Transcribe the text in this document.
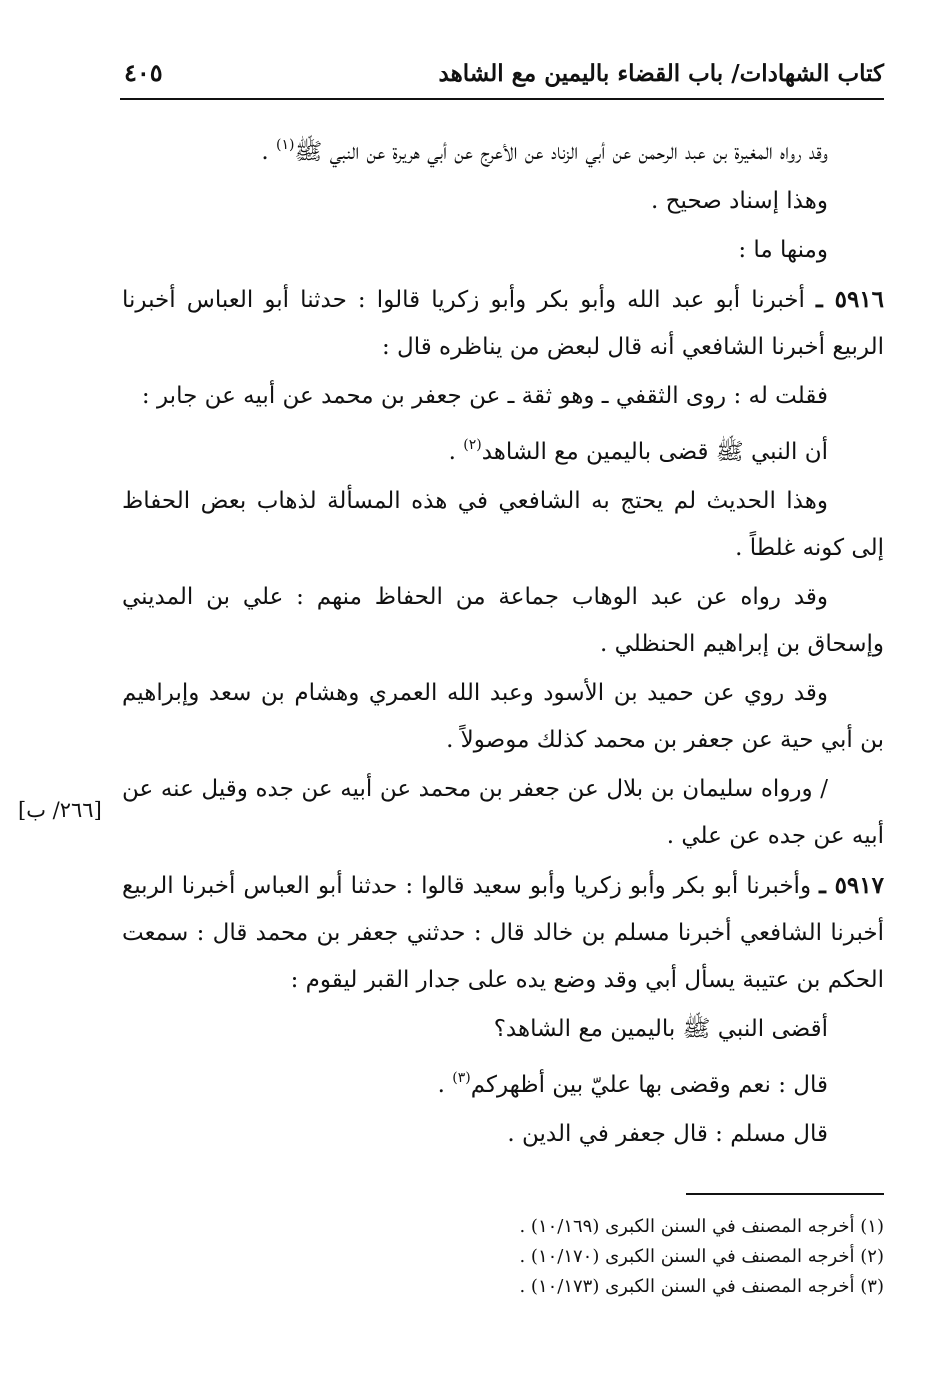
كتاب الشهادات/ باب القضاء باليمين مع الشاهد
٤٠٥
وقد رواه المغيرة بن عبد الرحمن عن أبي الزناد عن الأعرج عن أبي هريرة عن النبي ﷺ$^{(١)}$ .
وهذا إسناد صحيح .
ومنها ما :
٥٩١٦ ـ أخبرنا أبو عبد الله وأبو بكر وأبو زكريا قالوا : حدثنا أبو العباس أخبرنا الربيع أخبرنا الشافعي أنه قال لبعض من يناظره قال :
فقلت له : روى الثقفي ـ وهو ثقة ـ عن جعفر بن محمد عن أبيه عن جابر :
أن النبي ﷺ قضى باليمين مع الشاهد$^{(٢)}$ .
وهذا الحديث لم يحتج به الشافعي في هذه المسألة لذهاب بعض الحفاظ إلى كونه غلطاً .
وقد رواه عن عبد الوهاب جماعة من الحفاظ منهم : علي بن المديني وإسحاق بن إبراهيم الحنظلي .
وقد روي عن حميد بن الأسود وعبد الله العمري وهشام بن سعد وإبراهيم بن أبي حية عن جعفر بن محمد كذلك موصولاً .
/ ورواه سليمان بن بلال عن جعفر بن محمد عن أبيه عن جده وقيل عنه عن أبيه عن جده عن علي .
٥٩١٧ ـ وأخبرنا أبو بكر وأبو زكريا وأبو سعيد قالوا : حدثنا أبو العباس أخبرنا الربيع أخبرنا الشافعي أخبرنا مسلم بن خالد قال : حدثني جعفر بن محمد قال : سمعت الحكم بن عتيبة يسأل أبي وقد وضع يده على جدار القبر ليقوم :
أقضى النبي ﷺ باليمين مع الشاهد؟
قال : نعم وقضى بها عليّ بين أظهركم$^{(٣)}$ .
قال مسلم : قال جعفر في الدين .
[٢٦٦/ ب]
(١) أخرجه المصنف في السنن الكبرى (١٠/١٦٩) .
(٢) أخرجه المصنف في السنن الكبرى (١٠/١٧٠) .
(٣) أخرجه المصنف في السنن الكبرى (١٠/١٧٣) .
